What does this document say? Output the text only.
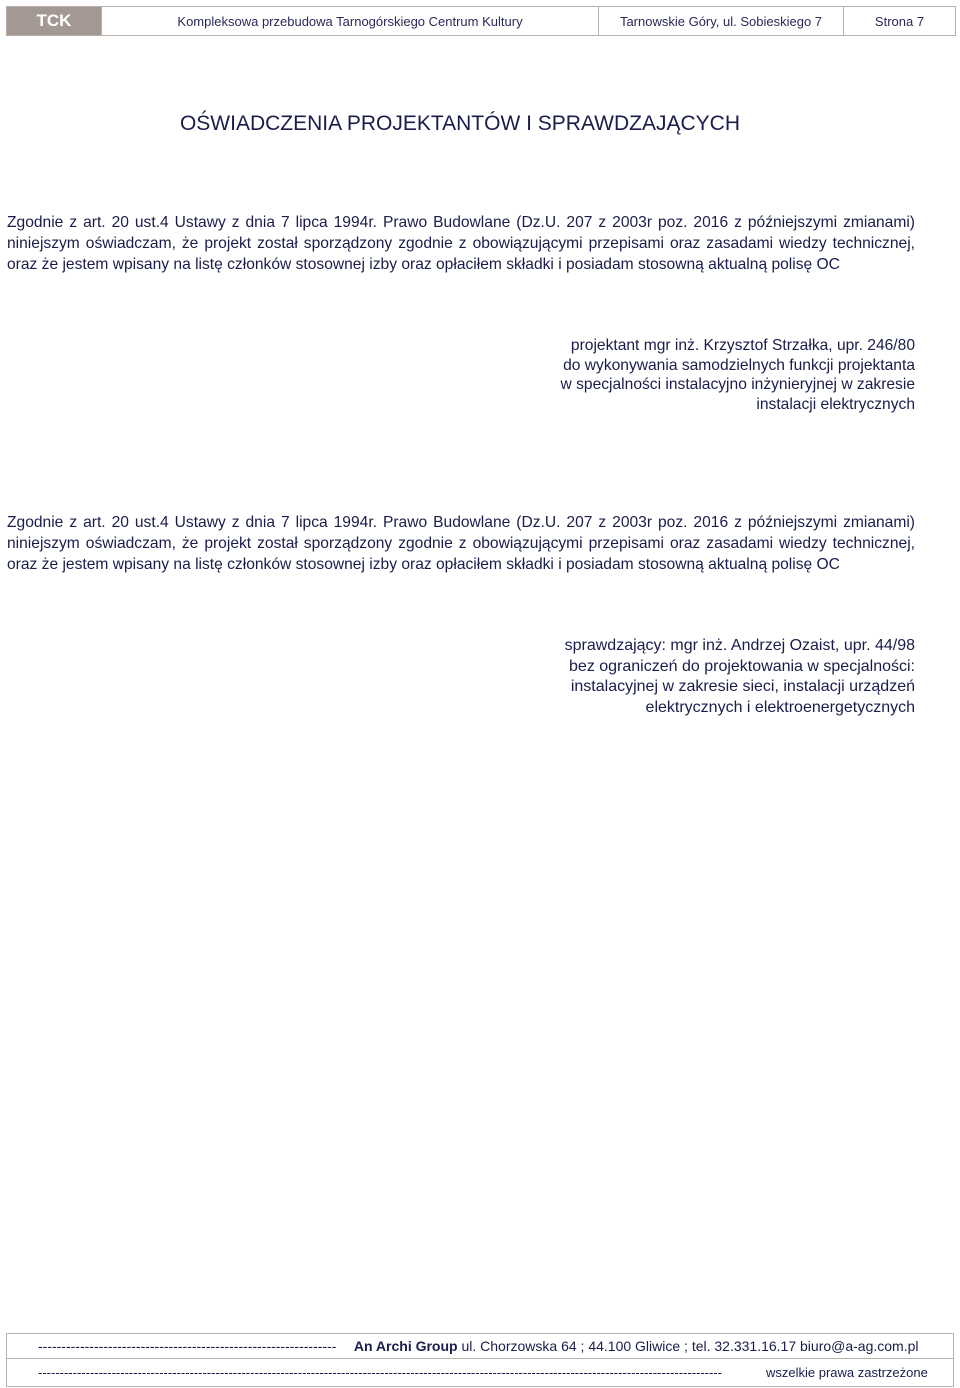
TCK	Kompleksowa przebudowa Tarnogórskiego Centrum Kultury	Tarnowskie Góry, ul. Sobieskiego 7	Strona 7
OŚWIADCZENIA PROJEKTANTÓW I SPRAWDZAJĄCYCH
Zgodnie z art. 20 ust.4 Ustawy z dnia 7 lipca 1994r. Prawo Budowlane (Dz.U. 207 z 2003r poz. 2016 z późniejszymi zmianami) niniejszym oświadczam, że projekt został sporządzony zgodnie z obowiązującymi przepisami oraz zasadami wiedzy technicznej, oraz że jestem wpisany na listę członków stosownej izby oraz opłaciłem składki i posiadam stosowną aktualną polisę OC
projektant mgr inż. Krzysztof Strzałka, upr. 246/80
do wykonywania samodzielnych funkcji projektanta
w specjalności instalacyjno inżynieryjnej w zakresie
instalacji elektrycznych
Zgodnie z art. 20 ust.4 Ustawy z dnia 7 lipca 1994r. Prawo Budowlane (Dz.U. 207 z 2003r poz. 2016 z późniejszymi zmianami) niniejszym oświadczam, że projekt został sporządzony zgodnie z obowiązującymi przepisami oraz zasadami wiedzy technicznej, oraz że jestem wpisany na listę członków stosownej izby oraz opłaciłem składki i posiadam stosowną aktualną polisę OC
sprawdzający: mgr inż. Andrzej Ozaist, upr. 44/98
bez ograniczeń do projektowania w specjalności:
instalacyjnej w zakresie sieci, instalacji urządzeń
elektrycznych i elektroenergetycznych
---------------------------------------------------------------- An Archi Group ul. Chorzowska 64 ; 44.100 Gliwice ; tel. 32.331.16.17 biuro@a-ag.com.pl
--------------------------------------------------------------------------------------------------------------------------------------------------------------	wszelkie prawa zastrzeżone
